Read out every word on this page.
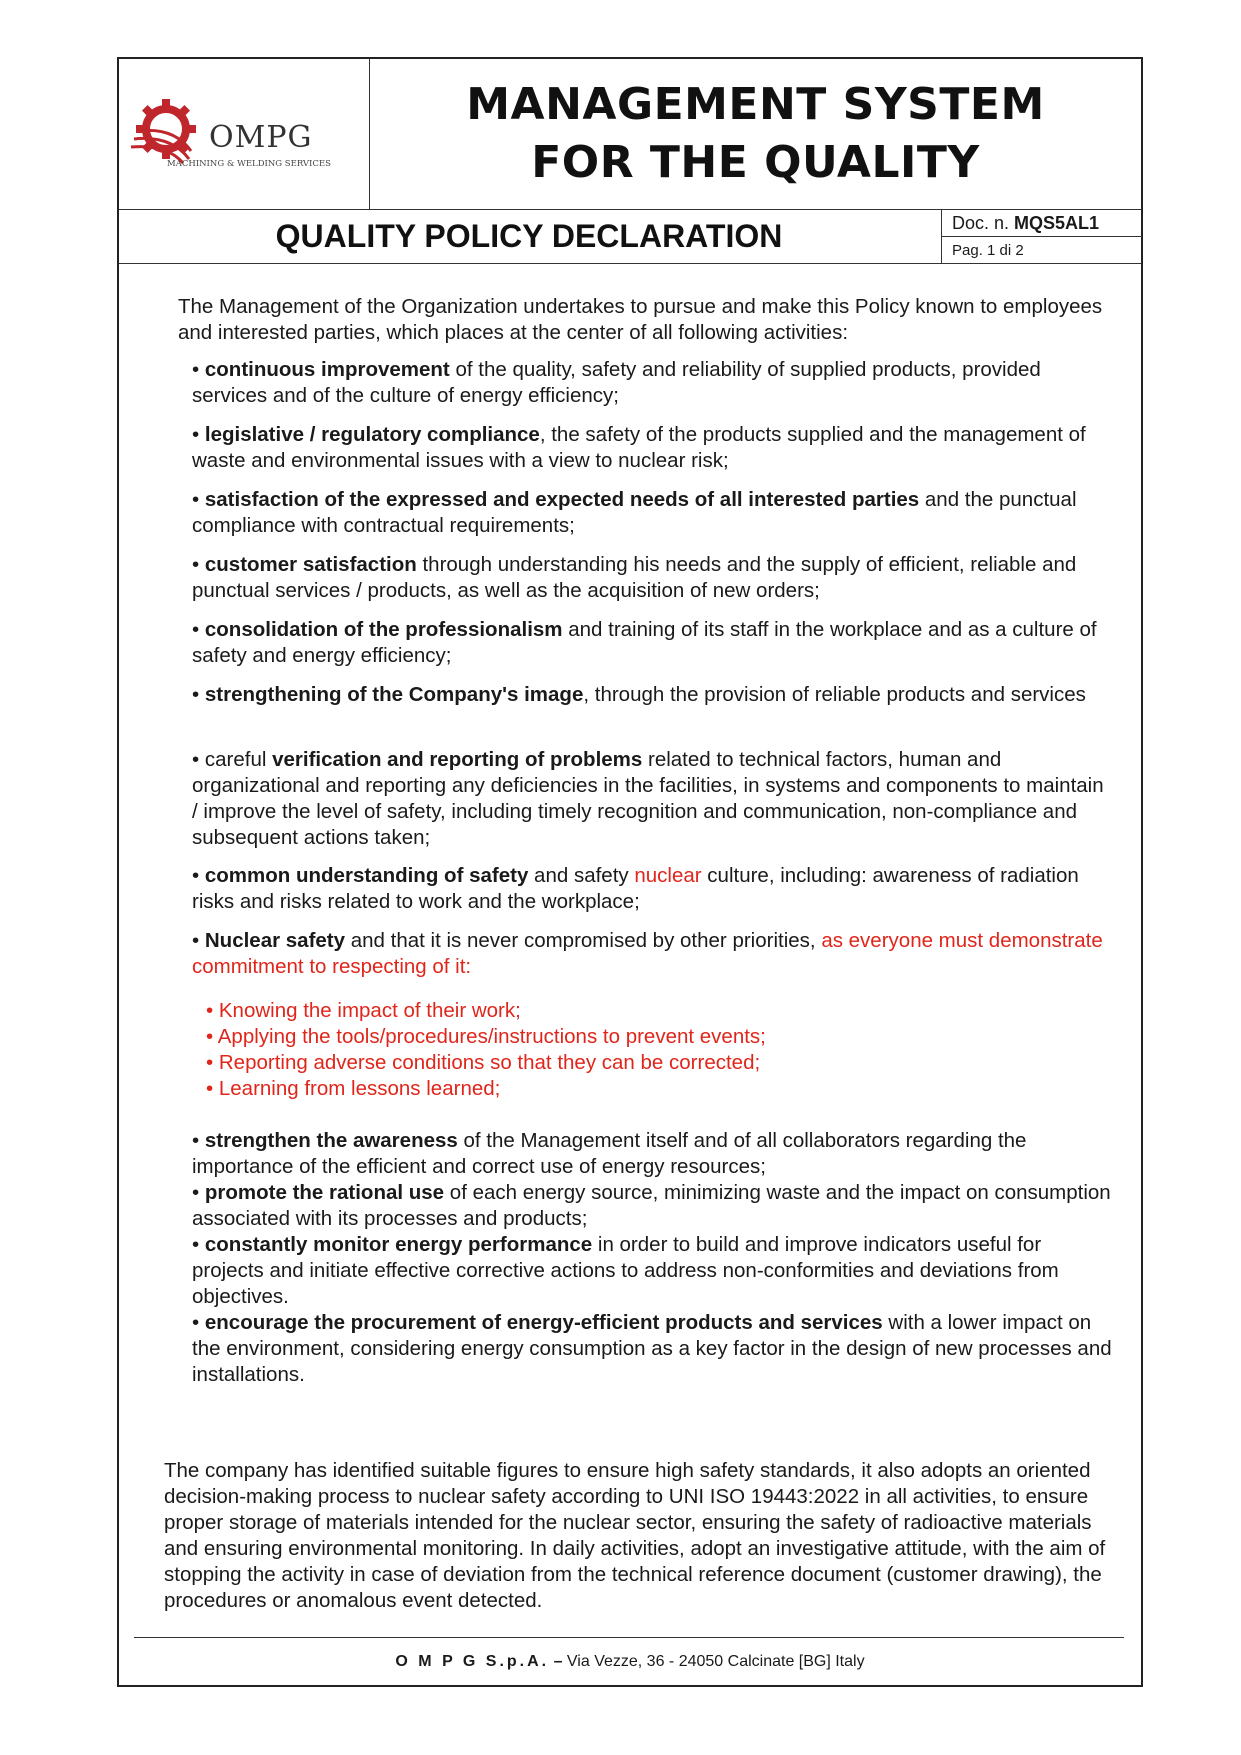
OMPG
MACHINING & WELDING SERVICES
MANAGEMENT SYSTEM
FOR THE QUALITY
QUALITY POLICY DECLARATION	Doc. n. MQS5AL1
Pag. 1 di 2
The Management of the Organization undertakes to pursue and make this Policy known to employees and interested parties, which places at the center of all following activities:
• continuous improvement of the quality, safety and reliability of supplied products, provided services and of the culture of energy efficiency;
• legislative / regulatory compliance, the safety of the products supplied and the management of waste and environmental issues with a view to nuclear risk;
• satisfaction of the expressed and expected needs of all interested parties and the punctual compliance with contractual requirements;
• customer satisfaction through understanding his needs and the supply of efficient, reliable and punctual services / products, as well as the acquisition of new orders;
• consolidation of the professionalism and training of its staff in the workplace and as a culture of safety and energy efficiency;
• strengthening of the Company's image, through the provision of reliable products and services
• careful verification and reporting of problems related to technical factors, human and organizational and reporting any deficiencies in the facilities, in systems and components to maintain / improve the level of safety, including timely recognition and communication, non-compliance and subsequent actions taken;
• common understanding of safety and safety nuclear culture, including: awareness of radiation risks and risks related to work and the workplace;
• Nuclear safety and that it is never compromised by other priorities, as everyone must demonstrate commitment to respecting of it:
• Knowing the impact of their work;
• Applying the tools/procedures/instructions to prevent events;
• Reporting adverse conditions so that they can be corrected;
• Learning from lessons learned;
• strengthen the awareness of the Management itself and of all collaborators regarding the importance of the efficient and correct use of energy resources;
• promote the rational use of each energy source, minimizing waste and the impact on consumption associated with its processes and products;
• constantly monitor energy performance in order to build and improve indicators useful for projects and initiate effective corrective actions to address non-conformities and deviations from objectives.
• encourage the procurement of energy-efficient products and services with a lower impact on the environment, considering energy consumption as a key factor in the design of new processes and installations.
The company has identified suitable figures to ensure high safety standards, it also adopts an oriented decision-making process to nuclear safety according to UNI ISO 19443:2022 in all activities, to ensure proper storage of materials intended for the nuclear sector, ensuring the safety of radioactive materials and ensuring environmental monitoring. In daily activities, adopt an investigative attitude, with the aim of stopping the activity in case of deviation from the technical reference document (customer drawing), the procedures or anomalous event detected.
O M P G S.p.A. – Via Vezze, 36 - 24050 Calcinate [BG] Italy
